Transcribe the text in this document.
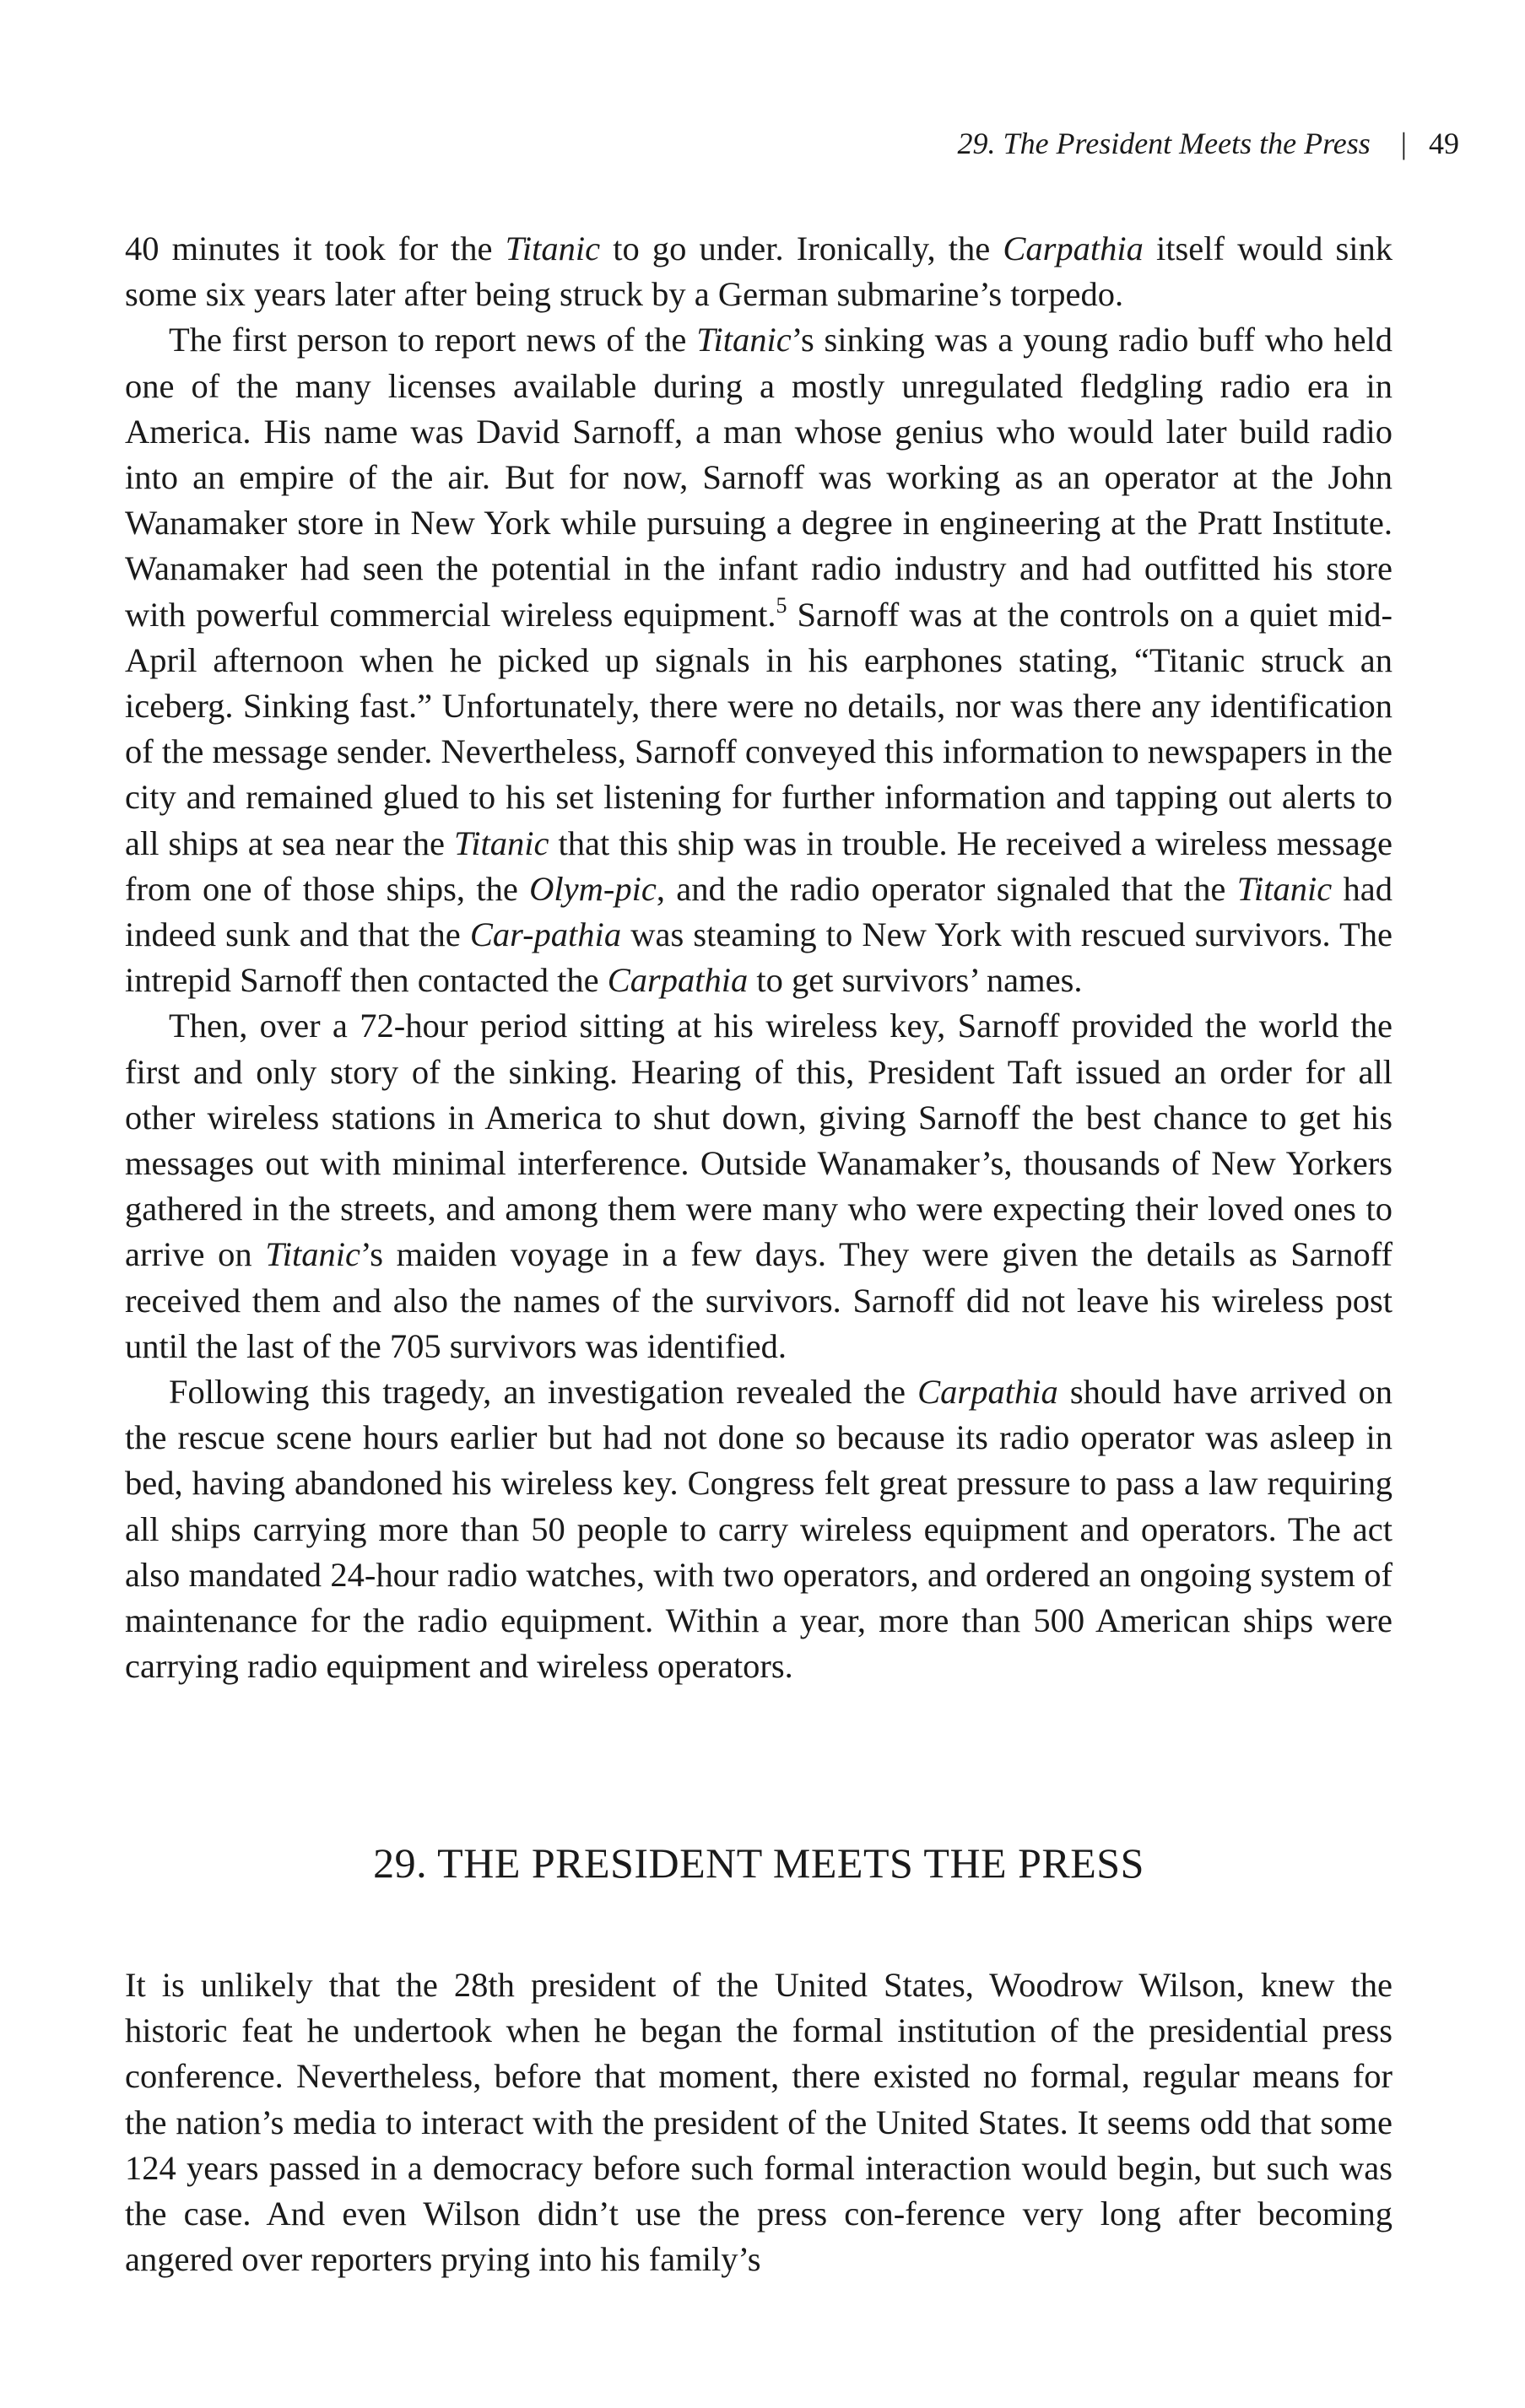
29. The President Meets the Press | 49

40 minutes it took for the Titanic to go under. Ironically, the Carpathia itself would sink some six years later after being struck by a German submarine’s torpedo.

The first person to report news of the Titanic’s sinking was a young radio buff who held one of the many licenses available during a mostly unregulated fledgling radio era in America. His name was David Sarnoff, a man whose genius who would later build radio into an empire of the air. But for now, Sarnoff was working as an operator at the John Wanamaker store in New York while pursuing a degree in engineering at the Pratt Institute. Wanamaker had seen the potential in the infant radio industry and had outfitted his store with powerful commercial wireless equipment.$^5$ Sarnoff was at the controls on a quiet mid-April afternoon when he picked up signals in his earphones stating, “Titanic struck an iceberg. Sinking fast.” Unfortunately, there were no details, nor was there any identification of the message sender. Nevertheless, Sarnoff conveyed this information to newspapers in the city and remained glued to his set listening for further information and tapping out alerts to all ships at sea near the Titanic that this ship was in trouble. He received a wireless message from one of those ships, the Olym-pic, and the radio operator signaled that the Titanic had indeed sunk and that the Car-pathia was steaming to New York with rescued survivors. The intrepid Sarnoff then contacted the Carpathia to get survivors’ names.

Then, over a 72-hour period sitting at his wireless key, Sarnoff provided the world the first and only story of the sinking. Hearing of this, President Taft issued an order for all other wireless stations in America to shut down, giving Sarnoff the best chance to get his messages out with minimal interference. Outside Wanamaker’s, thousands of New Yorkers gathered in the streets, and among them were many who were expecting their loved ones to arrive on Titanic’s maiden voyage in a few days. They were given the details as Sarnoff received them and also the names of the survivors. Sarnoff did not leave his wireless post until the last of the 705 survivors was identified.

Following this tragedy, an investigation revealed the Carpathia should have arrived on the rescue scene hours earlier but had not done so because its radio operator was asleep in bed, having abandoned his wireless key. Congress felt great pressure to pass a law requiring all ships carrying more than 50 people to carry wireless equipment and operators. The act also mandated 24-hour radio watches, with two operators, and ordered an ongoing system of maintenance for the radio equipment. Within a year, more than 500 American ships were carrying radio equipment and wireless operators.

29. THE PRESIDENT MEETS THE PRESS

It is unlikely that the 28th president of the United States, Woodrow Wilson, knew the historic feat he undertook when he began the formal institution of the presidential press conference. Nevertheless, before that moment, there existed no formal, regular means for the nation’s media to interact with the president of the United States. It seems odd that some 124 years passed in a democracy before such formal interaction would begin, but such was the case. And even Wilson didn’t use the press con-ference very long after becoming angered over reporters prying into his family’s
